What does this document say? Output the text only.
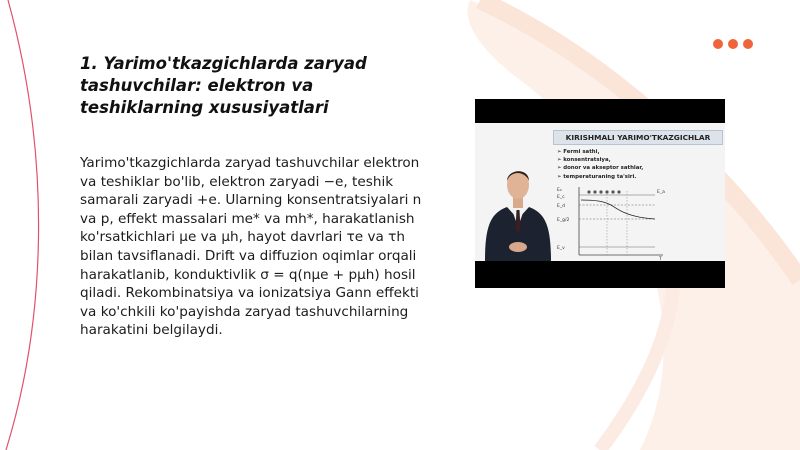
1. Yarimo'tkazgichlarda zaryad tashuvchilar: elektron va teshiklarning xususiyatlari

Yarimo'tkazgichlarda zaryad tashuvchilar elektron va teshiklar bo'lib, elektron zaryadi −e, teshik samarali zaryadi +e. Ularning konsentratsiyalari n va p, effekt massalari me* va mh*, harakatlanish ko'rsatkichlari μe va μh, hayot davrlari τe va τh bilan tavsiflanadi. Drift va diffuzion oqimlar orqali harakatlanib, konduktivlik σ = q(nμe + pμh) hosil qiladi. Rekombinatsiya va ionizatsiya Gann effekti va ko'chkili ko'payishda zaryad tashuvchilarning harakatini belgilaydi.

KIRISHMALI YARIMO'TKAZGICHLAR
➢ Fermi sathi,
➢ konsentratsiya,
➢ donor va akseptor sathlar,
➢ temperaturaning ta'siri.
E₀
E_c
E_d
E_g/2
E_v
E_a
T
